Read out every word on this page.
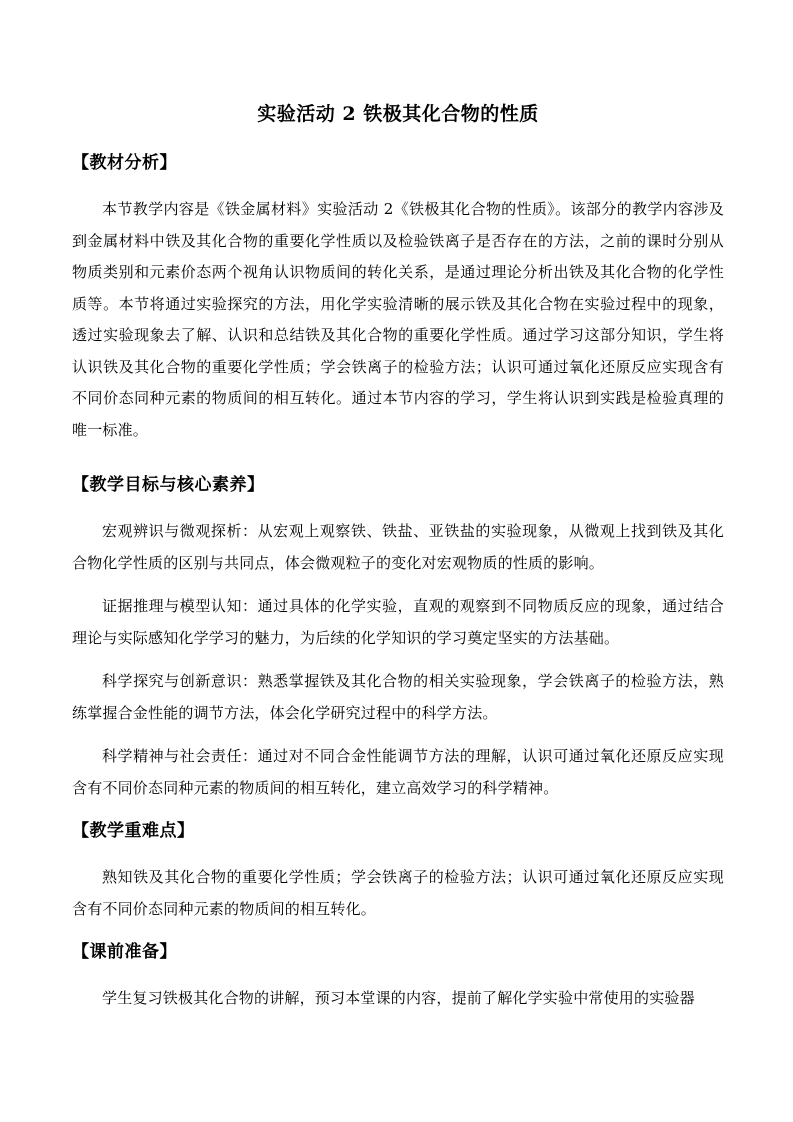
实验活动 2 铁极其化合物的性质
【教材分析】

本节教学内容是《铁金属材料》实验活动 2《铁极其化合物的性质》。该部分的教学内容涉及到金属材料中铁及其化合物的重要化学性质以及检验铁离子是否存在的方法，之前的课时分别从物质类别和元素价态两个视角认识物质间的转化关系，是通过理论分析出铁及其化合物的化学性质等。本节将通过实验探究的方法，用化学实验清晰的展示铁及其化合物在实验过程中的现象，透过实验现象去了解、认识和总结铁及其化合物的重要化学性质。通过学习这部分知识，学生将认识铁及其化合物的重要化学性质；学会铁离子的检验方法；认识可通过氧化还原反应实现含有不同价态同种元素的物质间的相互转化。通过本节内容的学习，学生将认识到实践是检验真理的唯一标准。

【教学目标与核心素养】

宏观辨识与微观探析：从宏观上观察铁、铁盐、亚铁盐的实验现象，从微观上找到铁及其化合物化学性质的区别与共同点，体会微观粒子的变化对宏观物质的性质的影响。

证据推理与模型认知：通过具体的化学实验，直观的观察到不同物质反应的现象，通过结合理论与实际感知化学学习的魅力，为后续的化学知识的学习奠定坚实的方法基础。

科学探究与创新意识：熟悉掌握铁及其化合物的相关实验现象，学会铁离子的检验方法，熟练掌握合金性能的调节方法，体会化学研究过程中的科学方法。

科学精神与社会责任：通过对不同合金性能调节方法的理解，认识可通过氧化还原反应实现含有不同价态同种元素的物质间的相互转化，建立高效学习的科学精神。

【教学重难点】

熟知铁及其化合物的重要化学性质；学会铁离子的检验方法；认识可通过氧化还原反应实现含有不同价态同种元素的物质间的相互转化。

【课前准备】

学生复习铁极其化合物的讲解，预习本堂课的内容，提前了解化学实验中常使用的实验器
